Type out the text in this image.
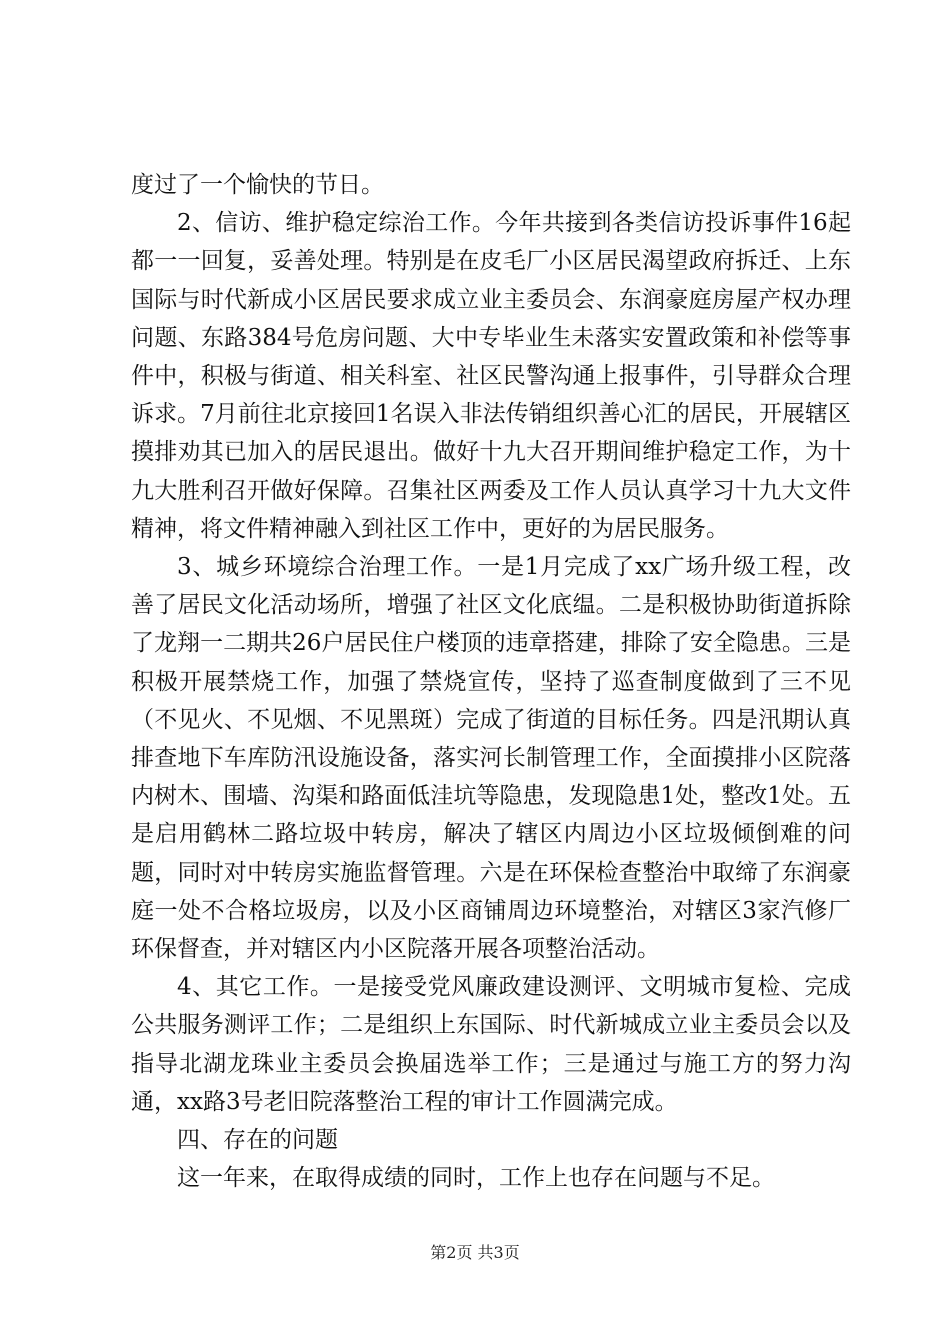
度过了一个愉快的节日。

2、信访、维护稳定综治工作。今年共接到各类信访投诉事件16起都一一回复，妥善处理。特别是在皮毛厂小区居民渴望政府拆迁、上东国际与时代新成小区居民要求成立业主委员会、东润豪庭房屋产权办理问题、东路384号危房问题、大中专毕业生未落实安置政策和补偿等事件中，积极与街道、相关科室、社区民警沟通上报事件，引导群众合理诉求。7月前往北京接回1名误入非法传销组织善心汇的居民，开展辖区摸排劝其已加入的居民退出。做好十九大召开期间维护稳定工作，为十九大胜利召开做好保障。召集社区两委及工作人员认真学习十九大文件精神，将文件精神融入到社区工作中，更好的为居民服务。

3、城乡环境综合治理工作。一是1月完成了xx广场升级工程，改善了居民文化活动场所，增强了社区文化底缊。二是积极协助街道拆除了龙翔一二期共26户居民住户楼顶的违章搭建，排除了安全隐患。三是积极开展禁烧工作，加强了禁烧宣传，坚持了巡查制度做到了三不见（不见火、不见烟、不见黑斑）完成了街道的目标任务。四是汛期认真排查地下车库防汛设施设备，落实河长制管理工作，全面摸排小区院落内树木、围墙、沟渠和路面低洼坑等隐患，发现隐患1处，整改1处。五是启用鹤林二路垃圾中转房，解决了辖区内周边小区垃圾倾倒难的问题，同时对中转房实施监督管理。六是在环保检查整治中取缔了东润豪庭一处不合格垃圾房，以及小区商铺周边环境整治，对辖区3家汽修厂环保督查，并对辖区内小区院落开展各项整治活动。

4、其它工作。一是接受党风廉政建设测评、文明城市复检、完成公共服务测评工作；二是组织上东国际、时代新城成立业主委员会以及指导北湖龙珠业主委员会换届选举工作；三是通过与施工方的努力沟通，xx路3号老旧院落整治工程的审计工作圆满完成。

四、存在的问题

这一年来，在取得成绩的同时，工作上也存在问题与不足。

第2页 共3页
